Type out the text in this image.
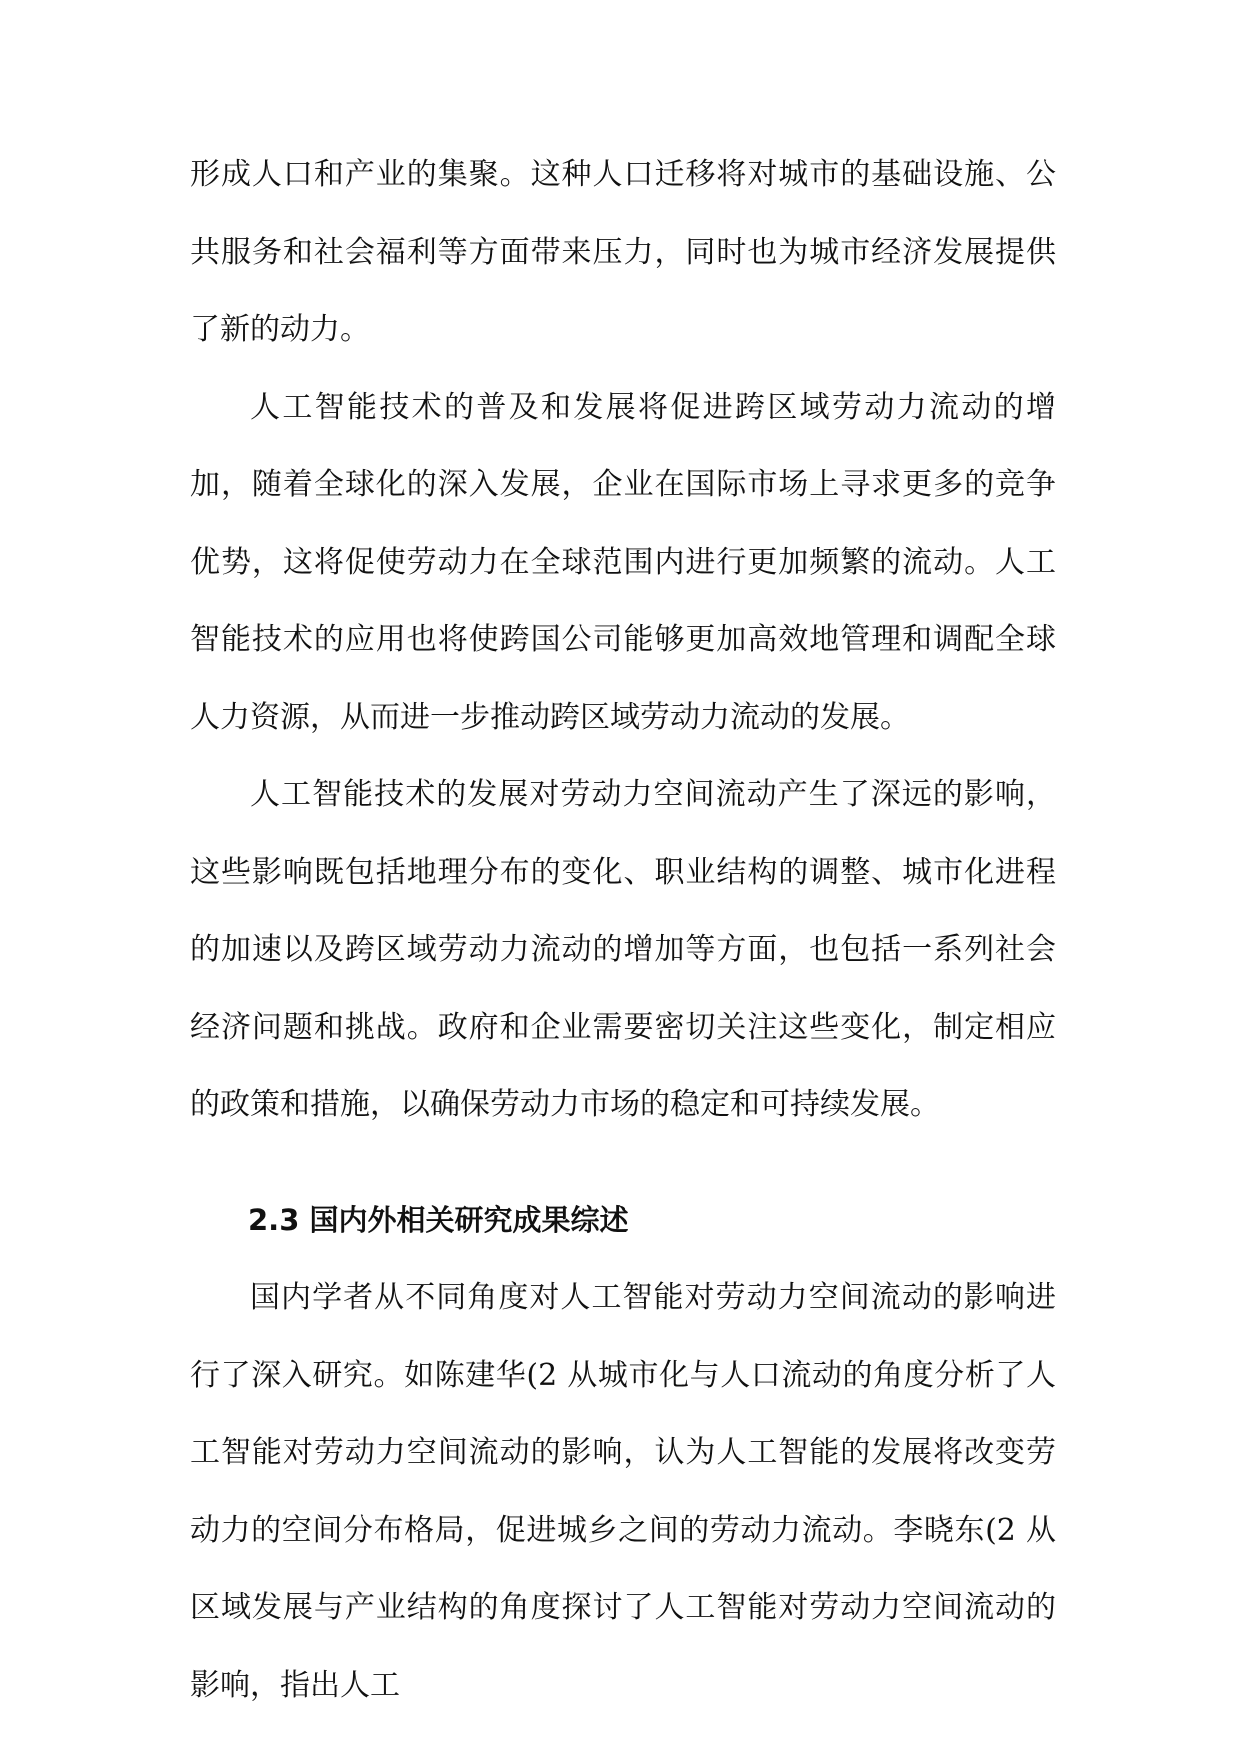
形成人口和产业的集聚。这种人口迁移将对城市的基础设施、公共服务和社会福利等方面带来压力，同时也为城市经济发展提供了新的动力。

人工智能技术的普及和发展将促进跨区域劳动力流动的增加，随着全球化的深入发展，企业在国际市场上寻求更多的竞争优势，这将促使劳动力在全球范围内进行更加频繁的流动。人工智能技术的应用也将使跨国公司能够更加高效地管理和调配全球人力资源，从而进一步推动跨区域劳动力流动的发展。

人工智能技术的发展对劳动力空间流动产生了深远的影响，这些影响既包括地理分布的变化、职业结构的调整、城市化进程的加速以及跨区域劳动力流动的增加等方面，也包括一系列社会经济问题和挑战。政府和企业需要密切关注这些变化，制定相应的政策和措施，以确保劳动力市场的稳定和可持续发展。

2.3 国内外相关研究成果综述

国内学者从不同角度对人工智能对劳动力空间流动的影响进行了深入研究。如陈建华(2 从城市化与人口流动的角度分析了人工智能对劳动力空间流动的影响，认为人工智能的发展将改变劳动力的空间分布格局，促进城乡之间的劳动力流动。李晓东(2 从区域发展与产业结构的角度探讨了人工智能对劳动力空间流动的影响，指出人工
